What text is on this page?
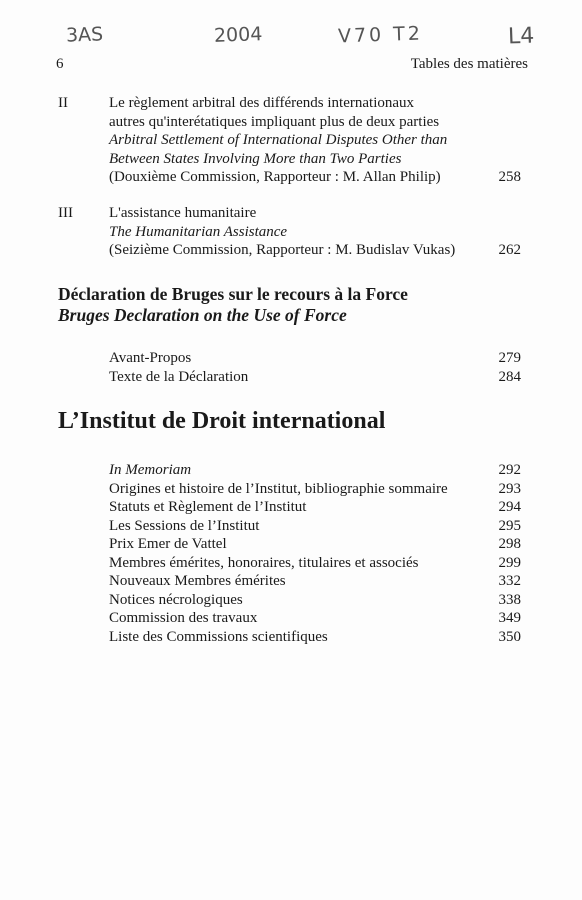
3AS	2004	V70 T2	L4
6	Tables des matières
II	Le règlement arbitral des différends internationaux
autres qu'interétatiques impliquant plus de deux parties
Arbitral Settlement of International Disputes Other than
Between States Involving More than Two Parties
(Douxième Commission, Rapporteur : M. Allan Philip)	258
III L'assistance humanitaire
The Humanitarian Assistance
(Seizième Commission, Rapporteur : M. Budislav Vukas)	262
Déclaration de Bruges sur le recours à la Force
Bruges Declaration on the Use of Force
Avant-Propos	279
Texte de la Déclaration	284
L’Institut de Droit international
In Memoriam	292
Origines et histoire de l’Institut, bibliographie sommaire	293
Statuts et Règlement de l’Institut	294
Les Sessions de l’Institut	295
Prix Emer de Vattel	298
Membres émérites, honoraires, titulaires et associés	299
Nouveaux Membres émérites	332
Notices nécrologiques	338
Commission des travaux	349
Liste des Commissions scientifiques	350
